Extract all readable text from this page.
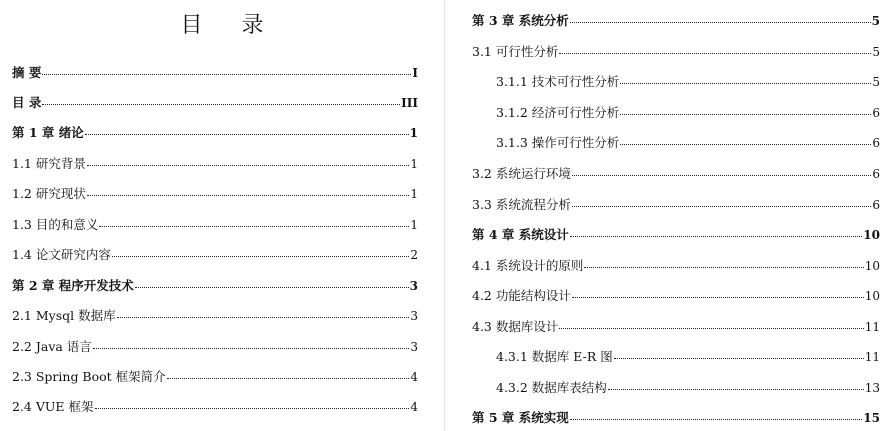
目 录
摘 要	I
目 录	III
第 1 章 绪论	1
1.1 研究背景	1
1.2 研究现状	1
1.3 目的和意义	1
1.4 论文研究内容	2
第 2 章 程序开发技术	3
2.1 Mysql 数据库	3
2.2 Java 语言	3
2.3 Spring Boot 框架简介	4
2.4 VUE 框架	4
第 3 章 系统分析	5
3.1 可行性分析	5
3.1.1 技术可行性分析	5
3.1.2 经济可行性分析	6
3.1.3 操作可行性分析	6
3.2 系统运行环境	6
3.3 系统流程分析	6
第 4 章 系统设计	10
4.1 系统设计的原则	10
4.2 功能结构设计	10
4.3 数据库设计	11
4.3.1 数据库 E-R 图	11
4.3.2 数据库表结构	13
第 5 章 系统实现	15
